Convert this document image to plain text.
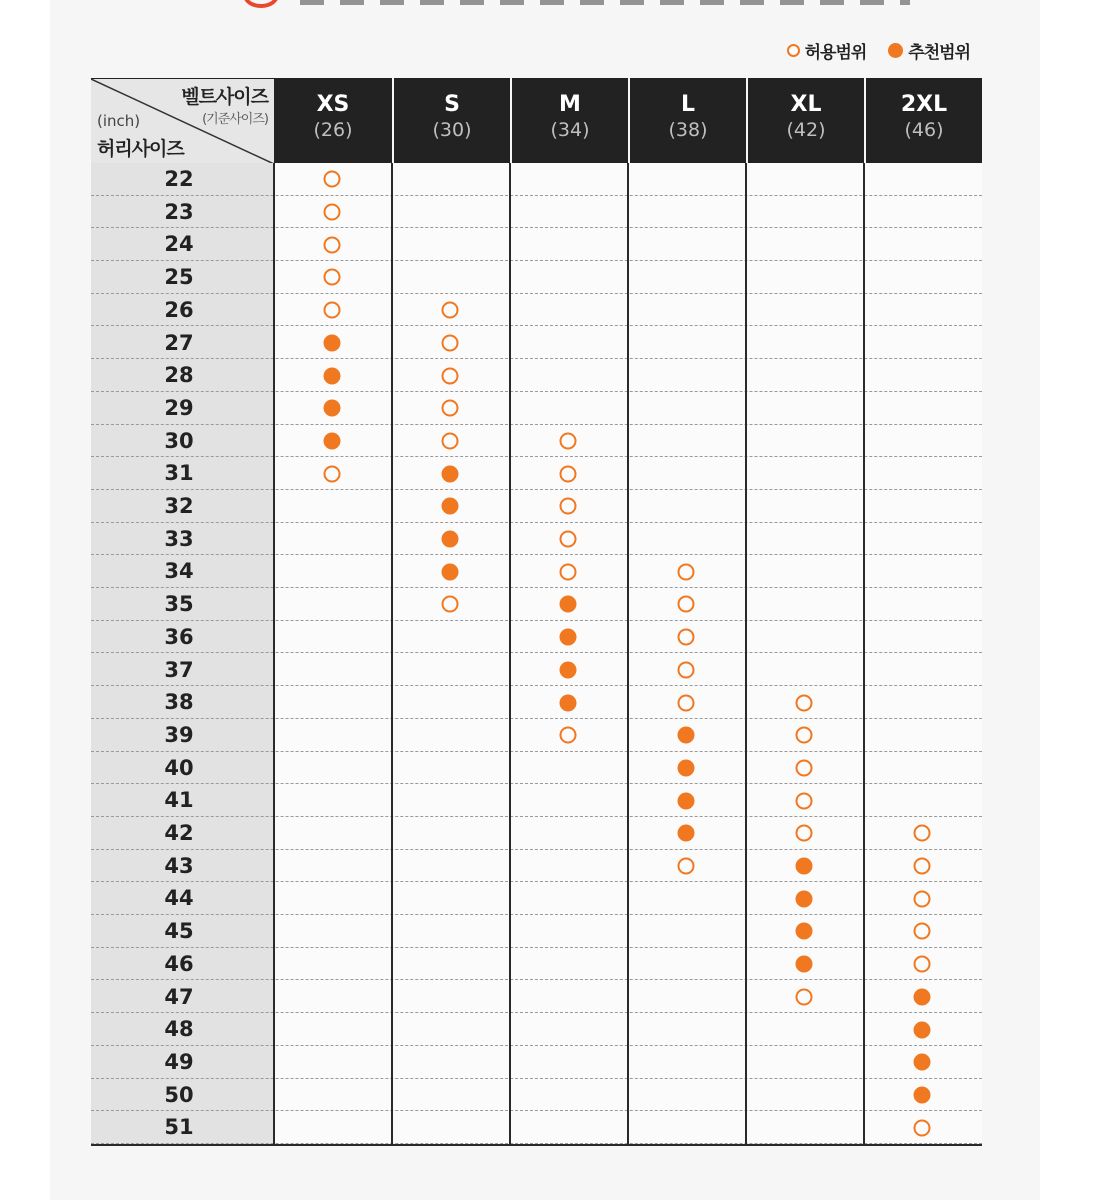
허용범위 추천범위
벨트사이즈
(기준사이즈)
(inch)
허리사이즈
XS
(26)
S
(30)
M
(34)
L
(38)
XL
(42)
2XL
(46)
22
23
24
25
26
27
28
29
30
31
32
33
34
35
36
37
38
39
40
41
42
43
44
45
46
47
48
49
50
51
